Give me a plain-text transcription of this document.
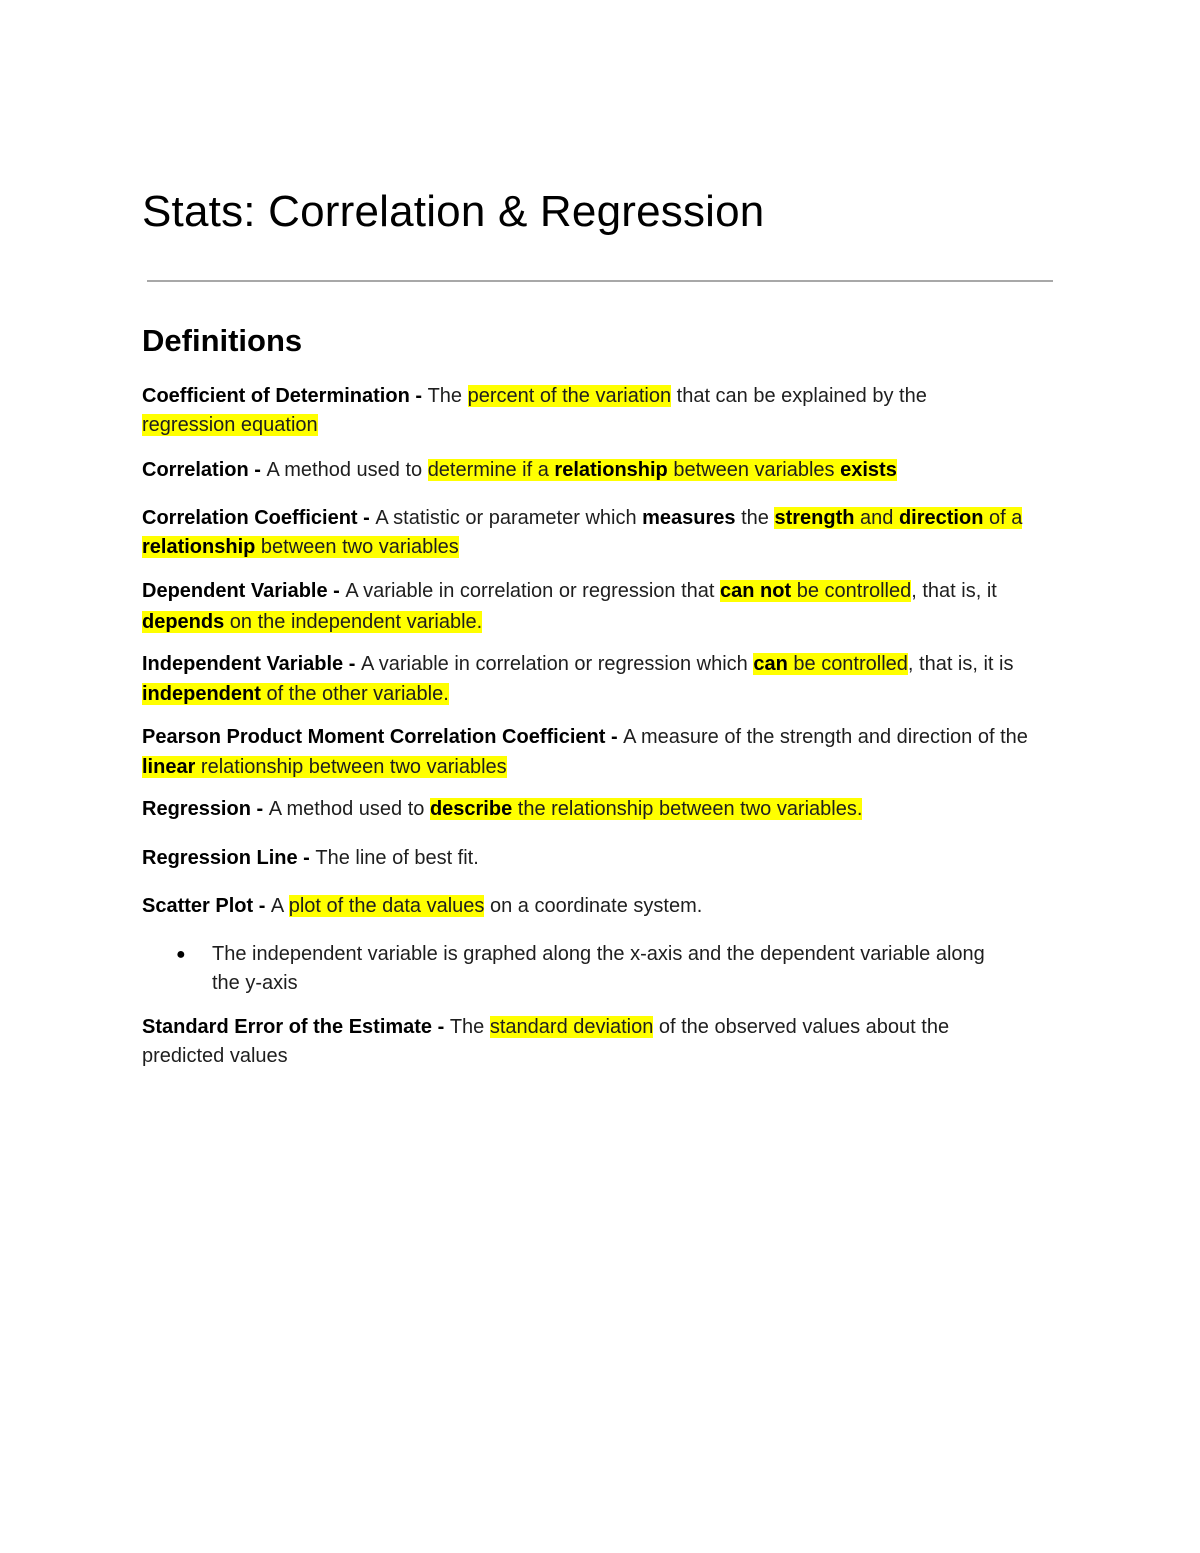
Stats: Correlation & Regression
Definitions

Coefficient of Determination - The percent of the variation that can be explained by the regression equation

Correlation - A method used to determine if a relationship between variables exists

Correlation Coefficient - A statistic or parameter which measures the strength and direction of a relationship between two variables

Dependent Variable - A variable in correlation or regression that can not be controlled, that is, it depends on the independent variable.

Independent Variable - A variable in correlation or regression which can be controlled, that is, it is independent of the other variable.

Pearson Product Moment Correlation Coefficient - A measure of the strength and direction of the linear relationship between two variables

Regression - A method used to describe the relationship between two variables.

Regression Line - The line of best fit.

Scatter Plot - A plot of the data values on a coordinate system.

● The independent variable is graphed along the x-axis and the dependent variable along the y-axis

Standard Error of the Estimate - The standard deviation of the observed values about the predicted values
